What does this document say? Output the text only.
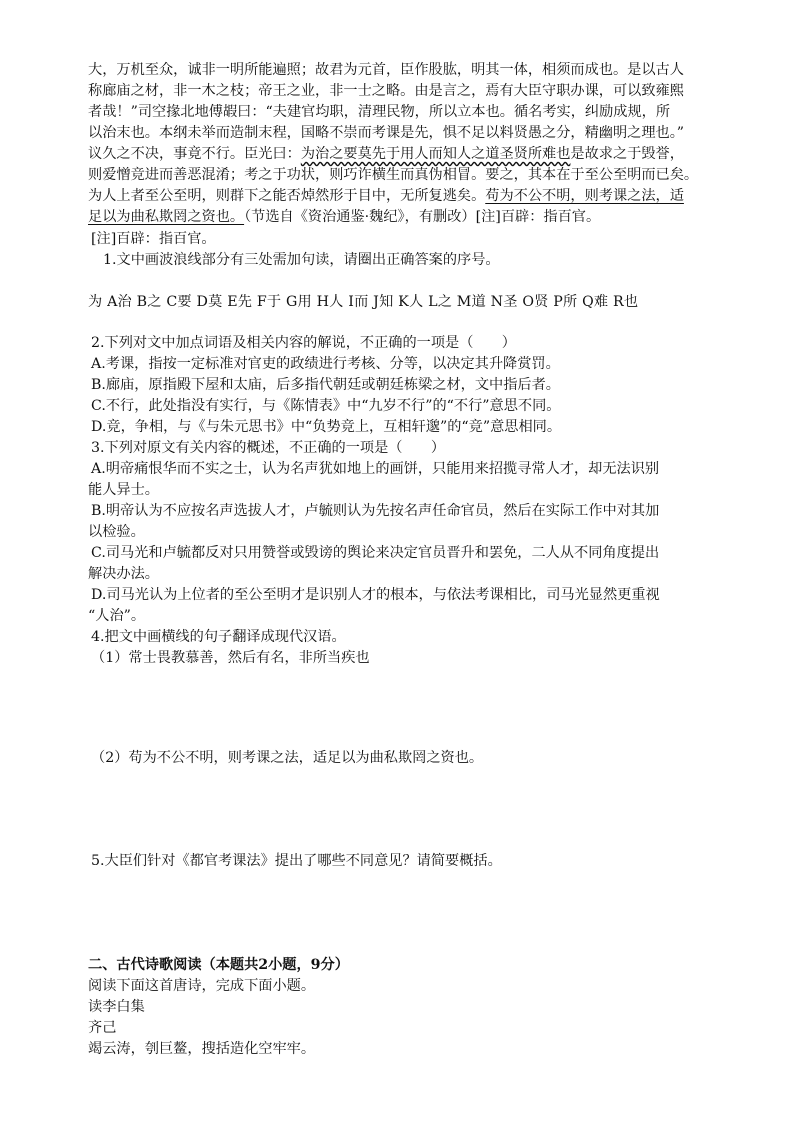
大，万机至众，诚非一明所能遍照；故君为元首，臣作股肱，明其一体，相须而成也。是以古人
称廊庙之材，非一木之枝；帝王之业，非一士之略。由是言之，焉有大臣守职办课，可以致雍熙
者哉！”司空掾北地傅嘏曰：“夫建官均职，清理民物，所以立本也。循名考实，纠励成规，所
以治末也。本纲未举而造制末程，国略不崇而考课是先，惧不足以料贤愚之分，精幽明之理也。”
议久之不决，事竟不行。臣光曰：为治之要莫先于用人而知人之道圣贤所难也是故求之于毁誉，
则爱憎竞进而善恶混淆；考之于功状，则巧诈横生而真伪相冒。要之，其本在于至公至明而已矣。
为人上者至公至明，则群下之能否焯然形于目中，无所复逃矣。苟为不公不明，则考课之法，适
足以为曲私欺罔之资也。（节选自《资治通鉴·魏纪》，有删改）[注]百辟：指百官。
[注]百辟：指百官。
1.文中画波浪线部分有三处需加句读，请圈出正确答案的序号。
为 A治 B之 C要 D莫 E先 F于 G用 H人 I而 J知 K人 L之 M道 N圣 O贤 P所 Q难 R也
2.下列对文中加点词语及相关内容的解说，不正确的一项是（　　）
A.考课，指按一定标准对官吏的政绩进行考核、分等，以决定其升降赏罚。
B.廊庙，原指殿下屋和太庙，后多指代朝廷或朝廷栋梁之材，文中指后者。
C.不行，此处指没有实行，与《陈情表》中“九岁不行”的“不行”意思不同。
D.竞，争相，与《与朱元思书》中“负势竞上，互相轩邈”的“竞”意思相同。
3.下列对原文有关内容的概述，不正确的一项是（　　）
A.明帝痛恨华而不实之士，认为名声犹如地上的画饼，只能用来招揽寻常人才，却无法识别
能人异士。
B.明帝认为不应按名声选拔人才，卢毓则认为先按名声任命官员，然后在实际工作中对其加
以检验。
C.司马光和卢毓都反对只用赞誉或毁谤的舆论来决定官员晋升和罢免，二人从不同角度提出
解决办法。
D.司马光认为上位者的至公至明才是识别人才的根本，与依法考课相比，司马光显然更重视
“人治”。
4.把文中画横线的句子翻译成现代汉语。
（1）常士畏教慕善，然后有名，非所当疾也
（2）苟为不公不明，则考课之法，适足以为曲私欺罔之资也。
5.大臣们针对《都官考课法》提出了哪些不同意见？请简要概括。
二、古代诗歌阅读（本题共2小题，9分）
阅读下面这首唐诗，完成下面小题。
读李白集
齐己
竭云涛，刳巨鳌，搜括造化空牢牢。
